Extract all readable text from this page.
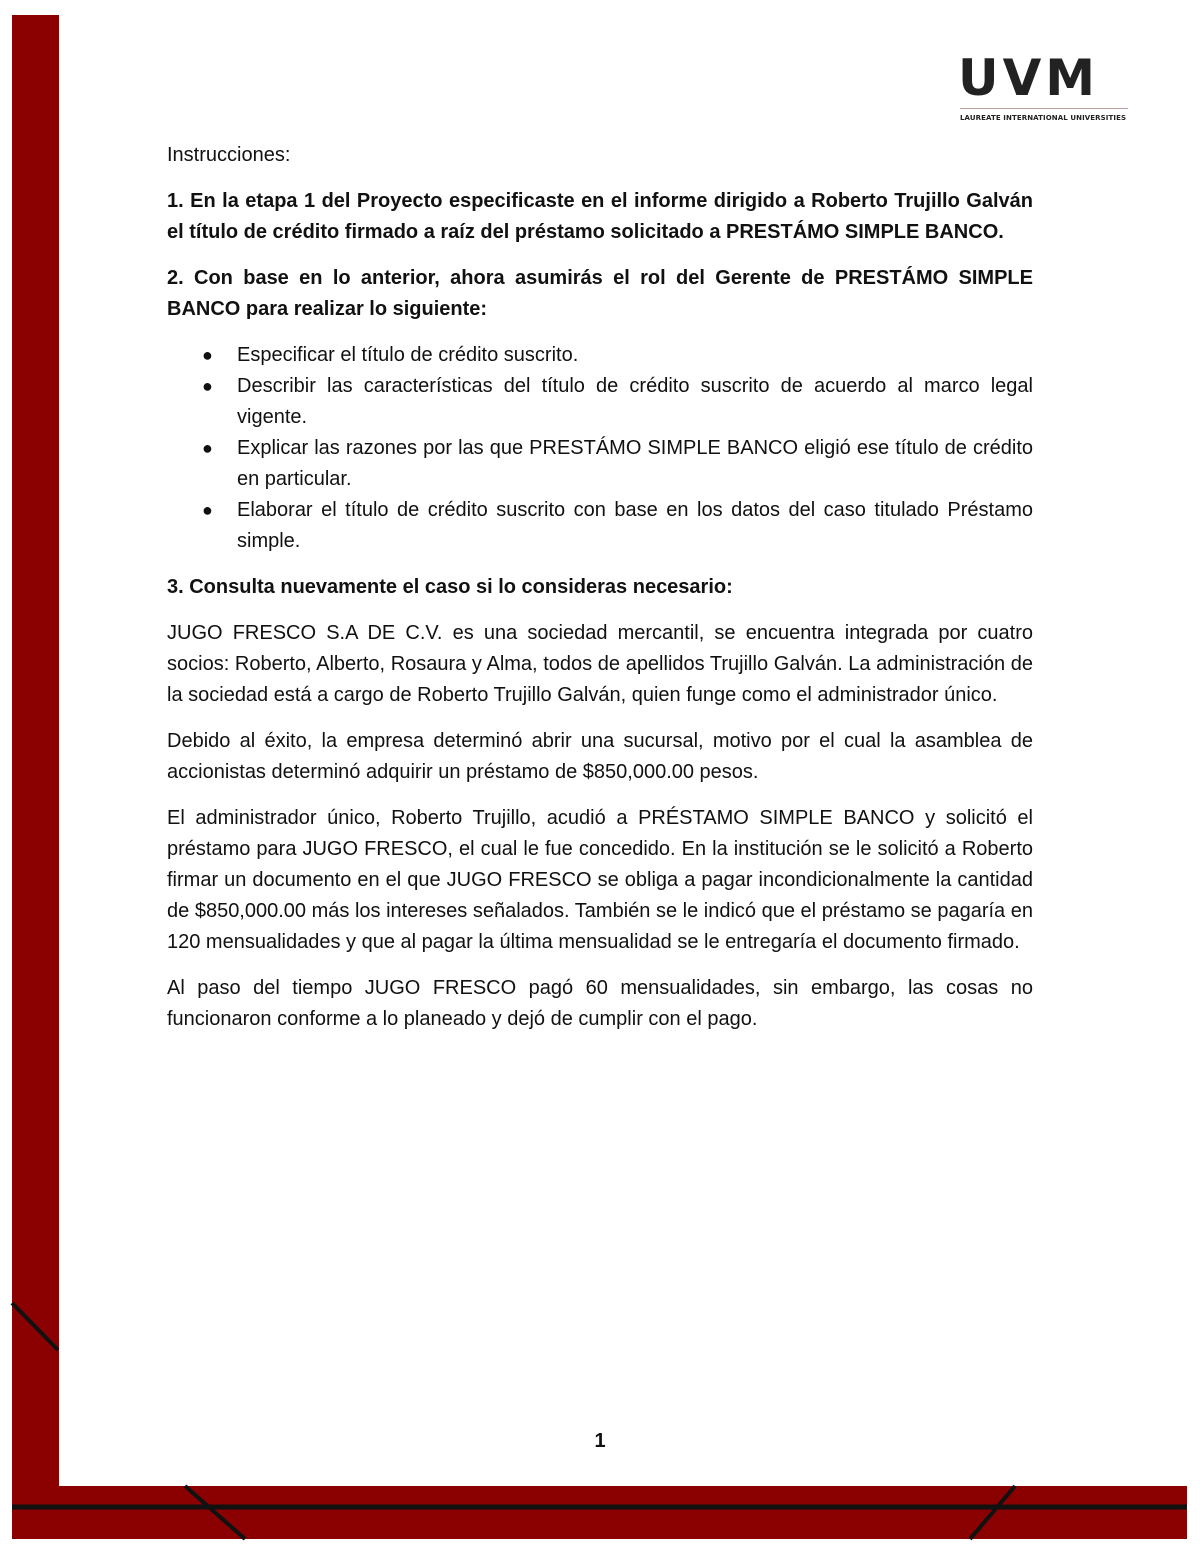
UVM
LAUREATE INTERNATIONAL UNIVERSITIES

Instrucciones:

1. En la etapa 1 del Proyecto especificaste en el informe dirigido a Roberto Trujillo Galván el título de crédito firmado a raíz del préstamo solicitado a PRESTÁMO SIMPLE BANCO.

2. Con base en lo anterior, ahora asumirás el rol del Gerente de PRESTÁMO SIMPLE BANCO para realizar lo siguiente:

● Especificar el título de crédito suscrito.
● Describir las características del título de crédito suscrito de acuerdo al marco legal vigente.
● Explicar las razones por las que PRESTÁMO SIMPLE BANCO eligió ese título de crédito en particular.
● Elaborar el título de crédito suscrito con base en los datos del caso titulado Préstamo simple.

3. Consulta nuevamente el caso si lo consideras necesario:

JUGO FRESCO S.A DE C.V. es una sociedad mercantil, se encuentra integrada por cuatro socios: Roberto, Alberto, Rosaura y Alma, todos de apellidos Trujillo Galván. La administración de la sociedad está a cargo de Roberto Trujillo Galván, quien funge como el administrador único.

Debido al éxito, la empresa determinó abrir una sucursal, motivo por el cual la asamblea de accionistas determinó adquirir un préstamo de $850,000.00 pesos.

El administrador único, Roberto Trujillo, acudió a PRÉSTAMO SIMPLE BANCO y solicitó el préstamo para JUGO FRESCO, el cual le fue concedido. En la institución se le solicitó a Roberto firmar un documento en el que JUGO FRESCO se obliga a pagar incondicionalmente la cantidad de $850,000.00 más los intereses señalados. También se le indicó que el préstamo se pagaría en 120 mensualidades y que al pagar la última mensualidad se le entregaría el documento firmado.

Al paso del tiempo JUGO FRESCO pagó 60 mensualidades, sin embargo, las cosas no funcionaron conforme a lo planeado y dejó de cumplir con el pago.

1
